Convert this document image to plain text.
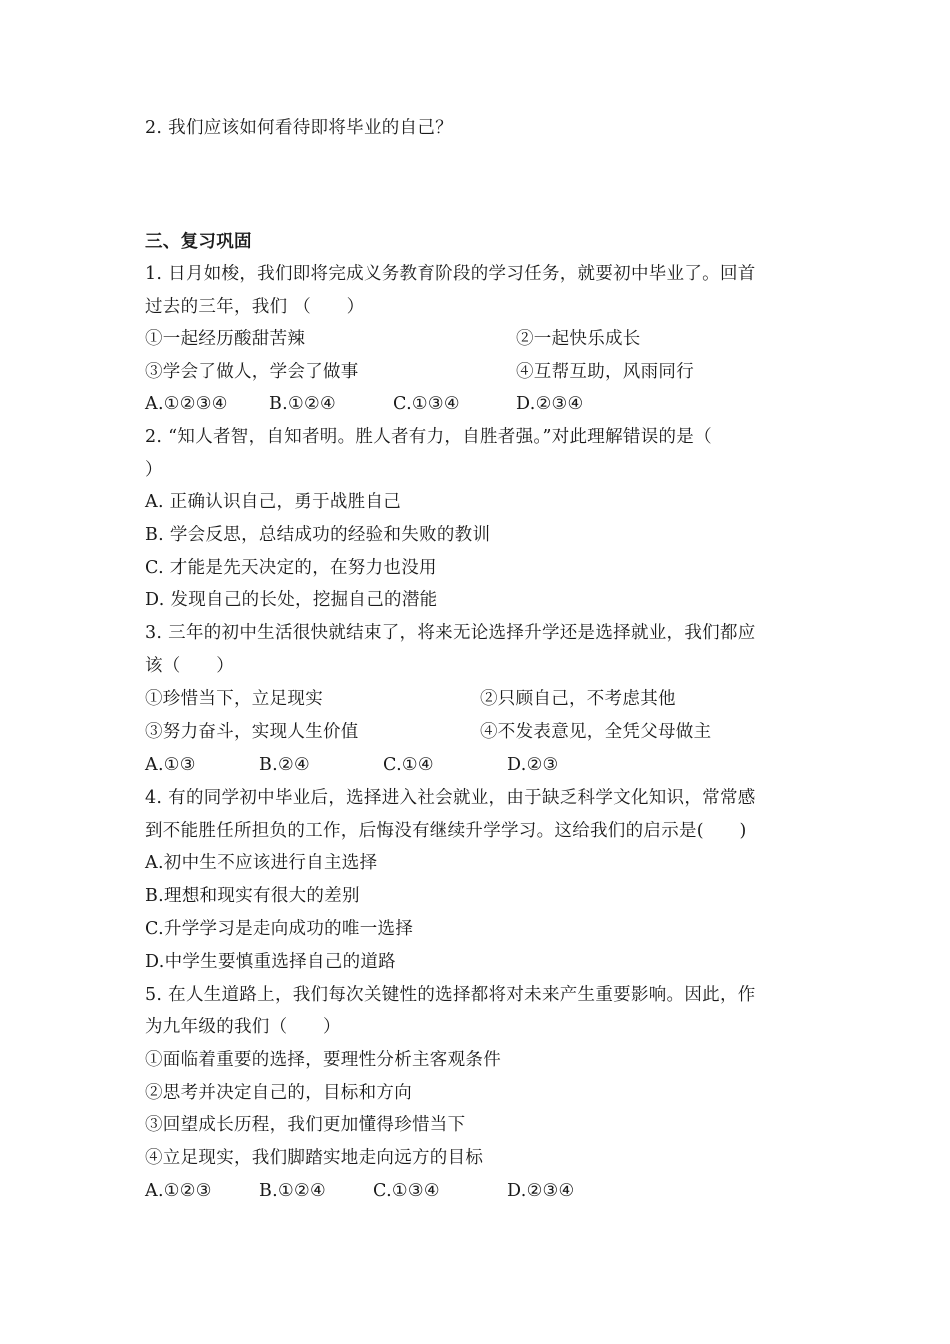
2. 我们应该如何看待即将毕业的自己？
三、复习巩固
1. 日月如梭，我们即将完成义务教育阶段的学习任务，就要初中毕业了。回首
过去的三年，我们 （　　）
①一起经历酸甜苦辣	②一起快乐成长
③学会了做人，学会了做事	④互帮互助，风雨同行
A.①②③④ B.①②④	C.①③④	D.②③④
2. “知人者智，自知者明。胜人者有力，自胜者强。”对此理解错误的是（
）
A. 正确认识自己，勇于战胜自己
B. 学会反思，总结成功的经验和失败的教训
C. 才能是先天决定的，在努力也没用
D. 发现自己的长处，挖掘自己的潜能
3. 三年的初中生活很快就结束了，将来无论选择升学还是选择就业，我们都应
该（　　）
①珍惜当下，立足现实	②只顾自己，不考虑其他
③努力奋斗，实现人生价值	④不发表意见，全凭父母做主
A.①③	B.②④	C.①④	D.②③
4. 有的同学初中毕业后，选择进入社会就业，由于缺乏科学文化知识，常常感
到不能胜任所担负的工作，后悔没有继续升学学习。这给我们的启示是(　　)
A.初中生不应该进行自主选择
B.理想和现实有很大的差别
C.升学学习是走向成功的唯一选择
D.中学生要慎重选择自己的道路
5. 在人生道路上，我们每次关键性的选择都将对未来产生重要影响。因此，作
为九年级的我们（　　）
①面临着重要的选择，要理性分析主客观条件
②思考并决定自己的，目标和方向
③回望成长历程，我们更加懂得珍惜当下
④立足现实，我们脚踏实地走向远方的目标
A.①②③	B.①②④	C.①③④	D.②③④
